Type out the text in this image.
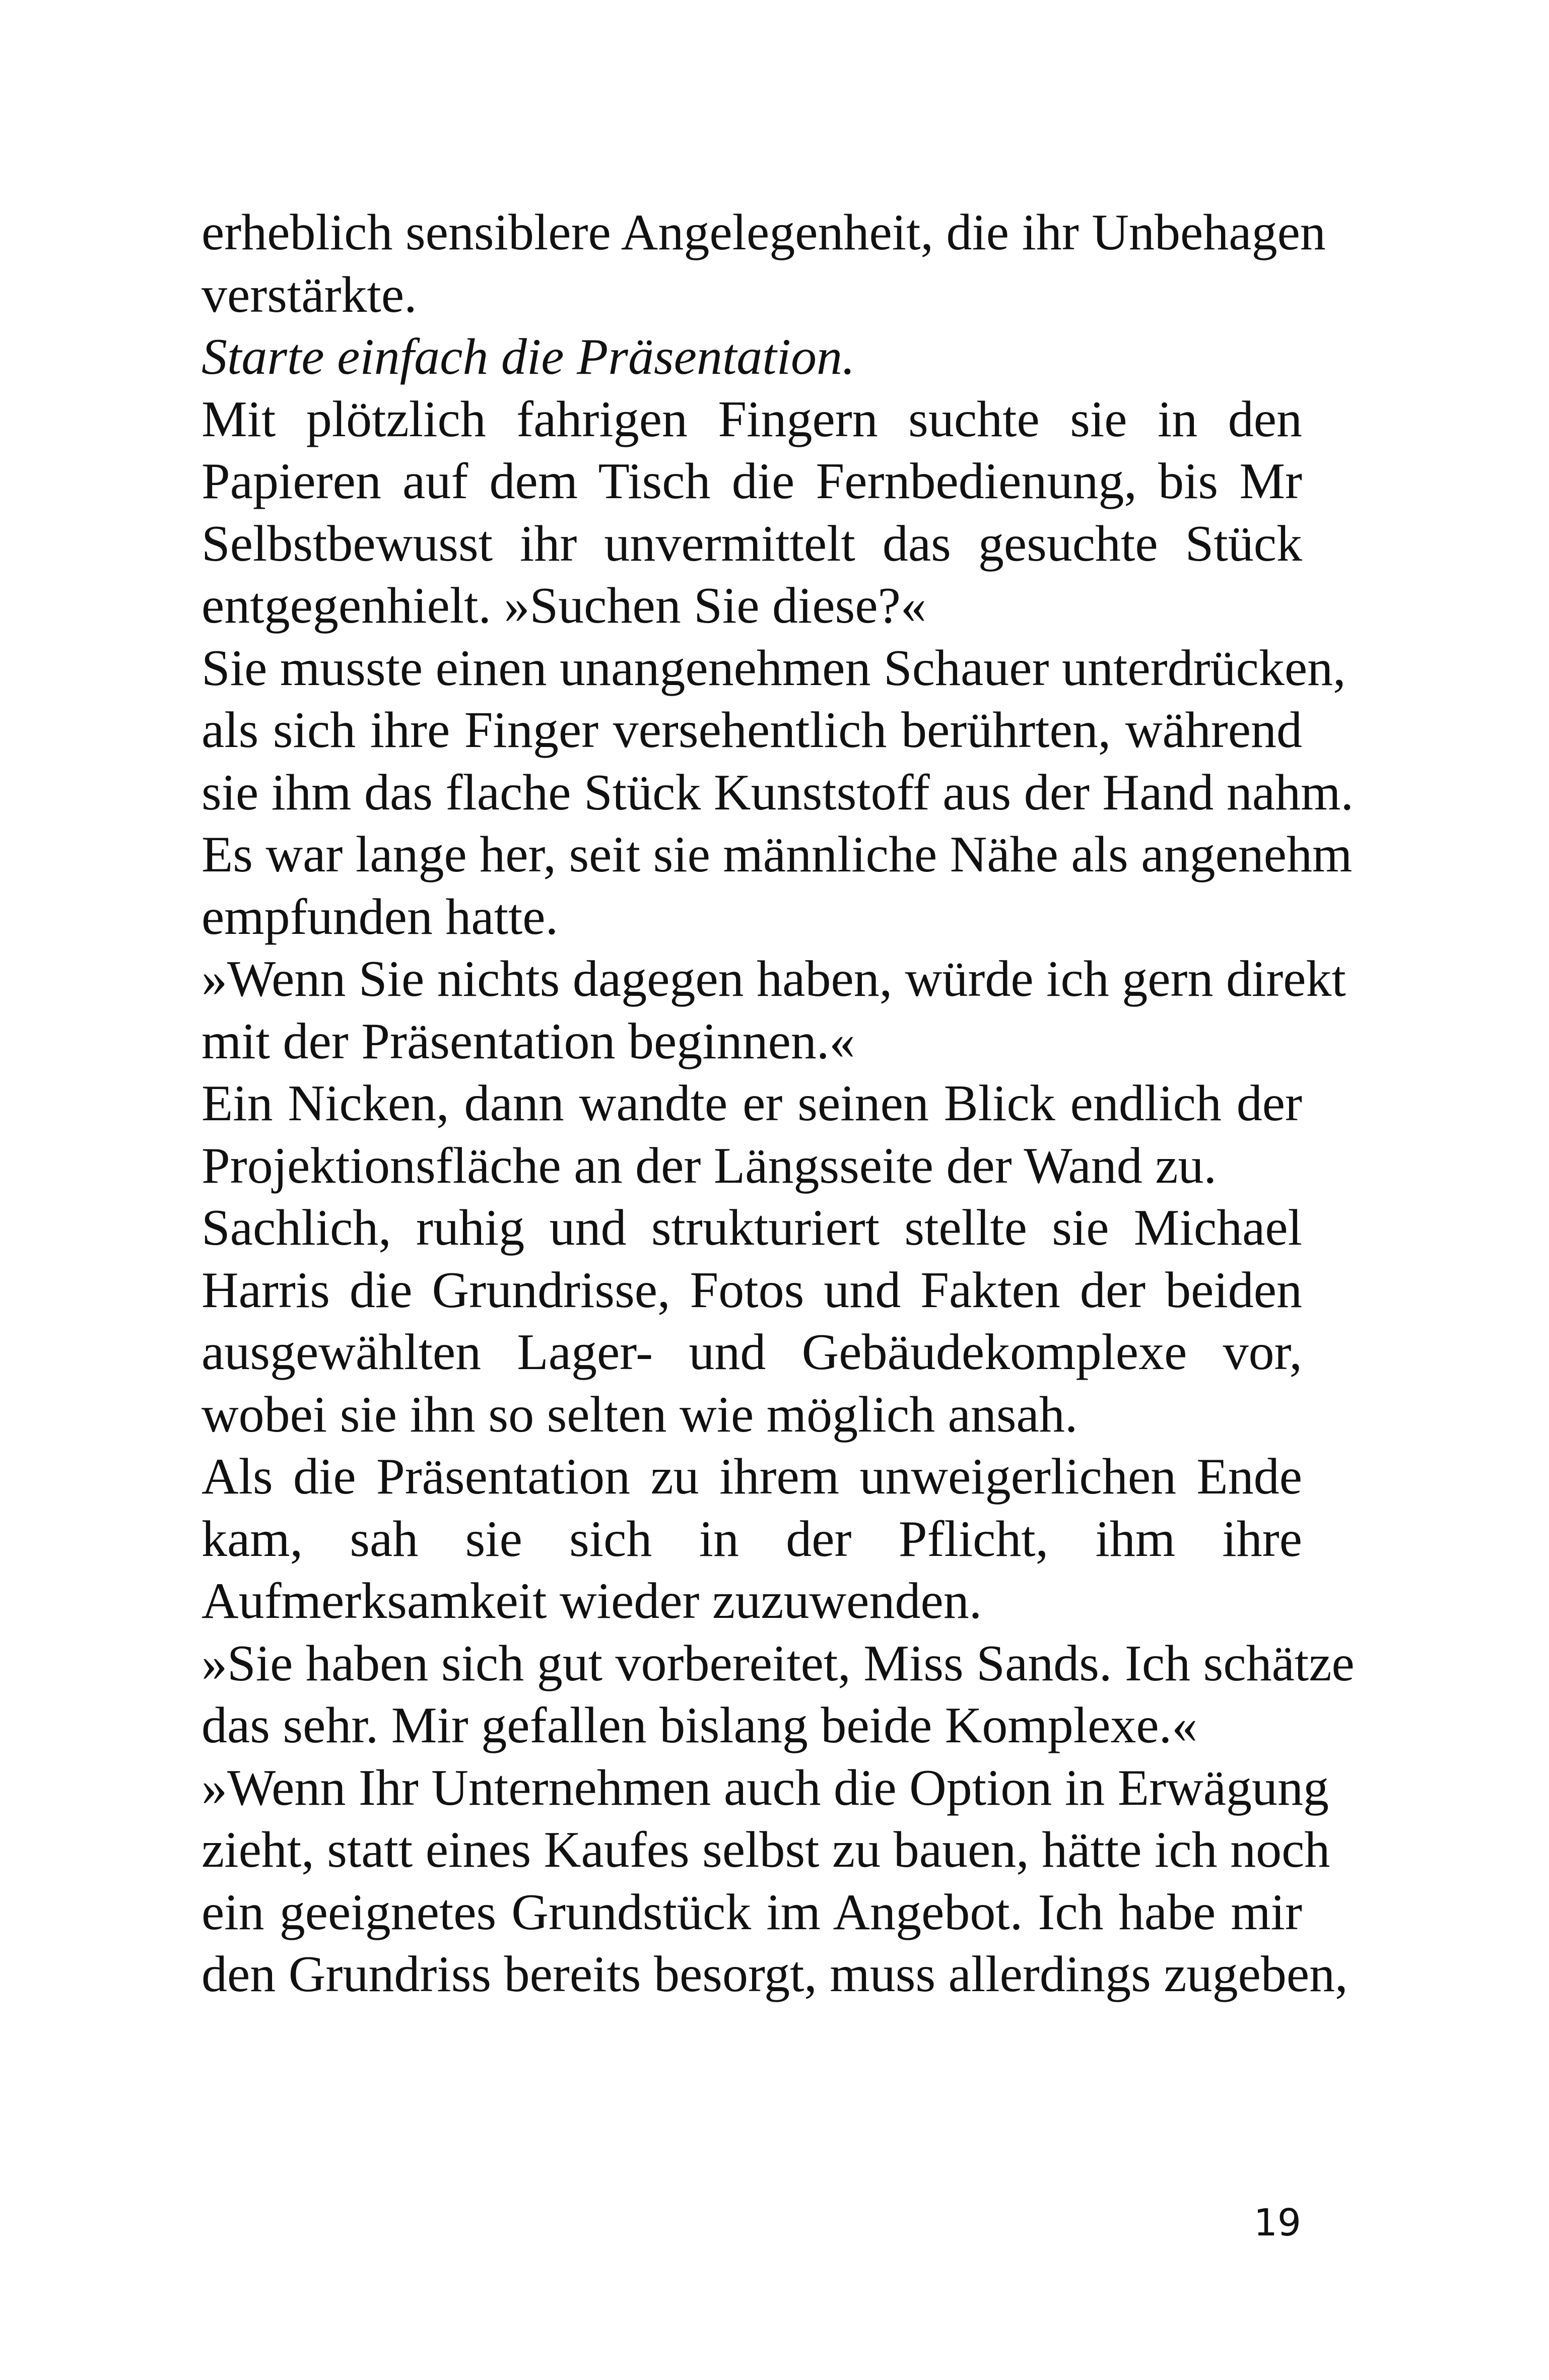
erheblich sensiblere Angelegenheit, die ihr Unbehagen
verstärkte.
Starte einfach die Präsentation.
Mit plötzlich fahrigen Fingern suchte sie in den
Papieren auf dem Tisch die Fernbedienung, bis Mr
Selbstbewusst ihr unvermittelt das gesuchte Stück
entgegenhielt. »Suchen Sie diese?«
Sie musste einen unangenehmen Schauer unterdrücken,
als sich ihre Finger versehentlich berührten, während
sie ihm das flache Stück Kunststoff aus der Hand nahm.
Es war lange her, seit sie männliche Nähe als angenehm
empfunden hatte.
»Wenn Sie nichts dagegen haben, würde ich gern direkt
mit der Präsentation beginnen.«
Ein Nicken, dann wandte er seinen Blick endlich der
Projektionsfläche an der Längsseite der Wand zu.
Sachlich, ruhig und strukturiert stellte sie Michael
Harris die Grundrisse, Fotos und Fakten der beiden
ausgewählten Lager- und Gebäudekomplexe vor,
wobei sie ihn so selten wie möglich ansah.
Als die Präsentation zu ihrem unweigerlichen Ende
kam, sah sie sich in der Pflicht, ihm ihre
Aufmerksamkeit wieder zuzuwenden.
»Sie haben sich gut vorbereitet, Miss Sands. Ich schätze
das sehr. Mir gefallen bislang beide Komplexe.«
»Wenn Ihr Unternehmen auch die Option in Erwägung
zieht, statt eines Kaufes selbst zu bauen, hätte ich noch
ein geeignetes Grundstück im Angebot. Ich habe mir
den Grundriss bereits besorgt, muss allerdings zugeben,
19
